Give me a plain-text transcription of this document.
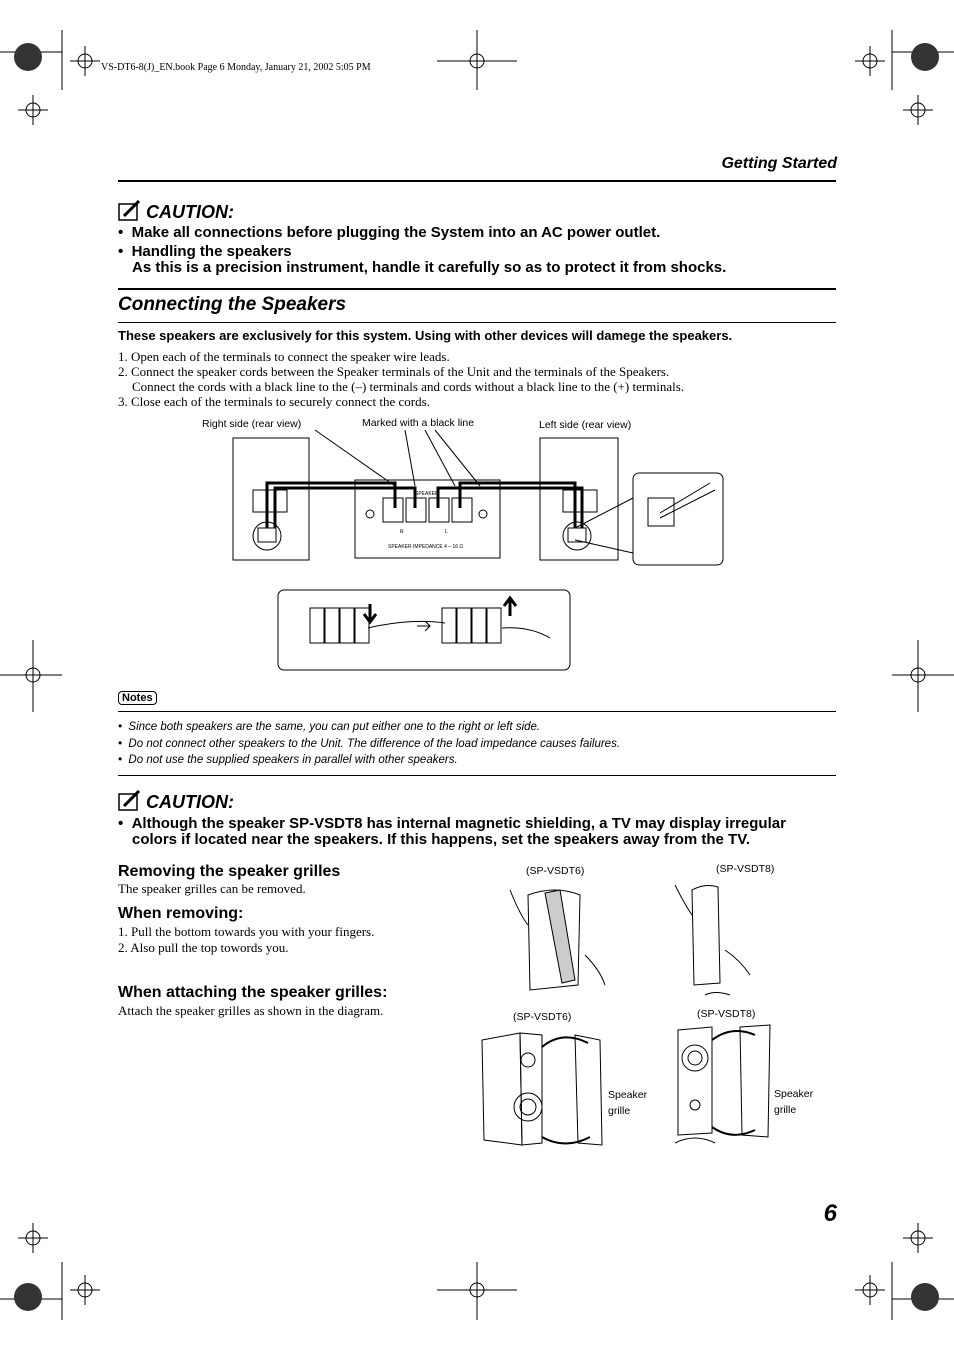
VS-DT6-8(J)_EN.book Page 6 Monday, January 21, 2002 5:05 PM
Getting Started
CAUTION:
•  Make all connections before plugging the System into an AC power outlet.
•  Handling the speakers
As this is a precision instrument, handle it carefully so as to protect it from shocks.
Connecting the Speakers
These speakers are exclusively for this system. Using with other devices will damege the speakers.
1. Open each of the terminals to connect the speaker wire leads.
2. Connect the speaker cords between the Speaker terminals of the Unit and the terminals of the Speakers.
Connect the cords with a black line to the (–) terminals and cords without a black line to the (+) terminals.
3. Close each of the terminals to securely connect the cords.
Right side (rear view)	Marked with a black line	Left side (rear view)
SPEAKER
R	L
SPEAKER IMPEDANCE 4 – 16 Ω
Notes
•  Since both speakers are the same, you can put either one to the right or left side.
•  Do not connect other speakers to the Unit. The difference of the load impedance causes failures.
•  Do not use the supplied speakers in parallel with other speakers.
CAUTION:
•  Although the speaker SP-VSDT8 has internal magnetic shielding, a TV may display irregular
colors if located near the speakers. If this happens, set the speakers away from the TV.
Removing the speaker grilles
The speaker grilles can be removed.
When removing:
1. Pull the bottom towards you with your fingers.
2. Also pull the top towords you.
When attaching the speaker grilles:
Attach the speaker grilles as shown in the diagram.
(SP-VSDT6)	(SP-VSDT8)
(SP-VSDT6)	(SP-VSDT8)
Speaker
grille
Speaker
grille
6
